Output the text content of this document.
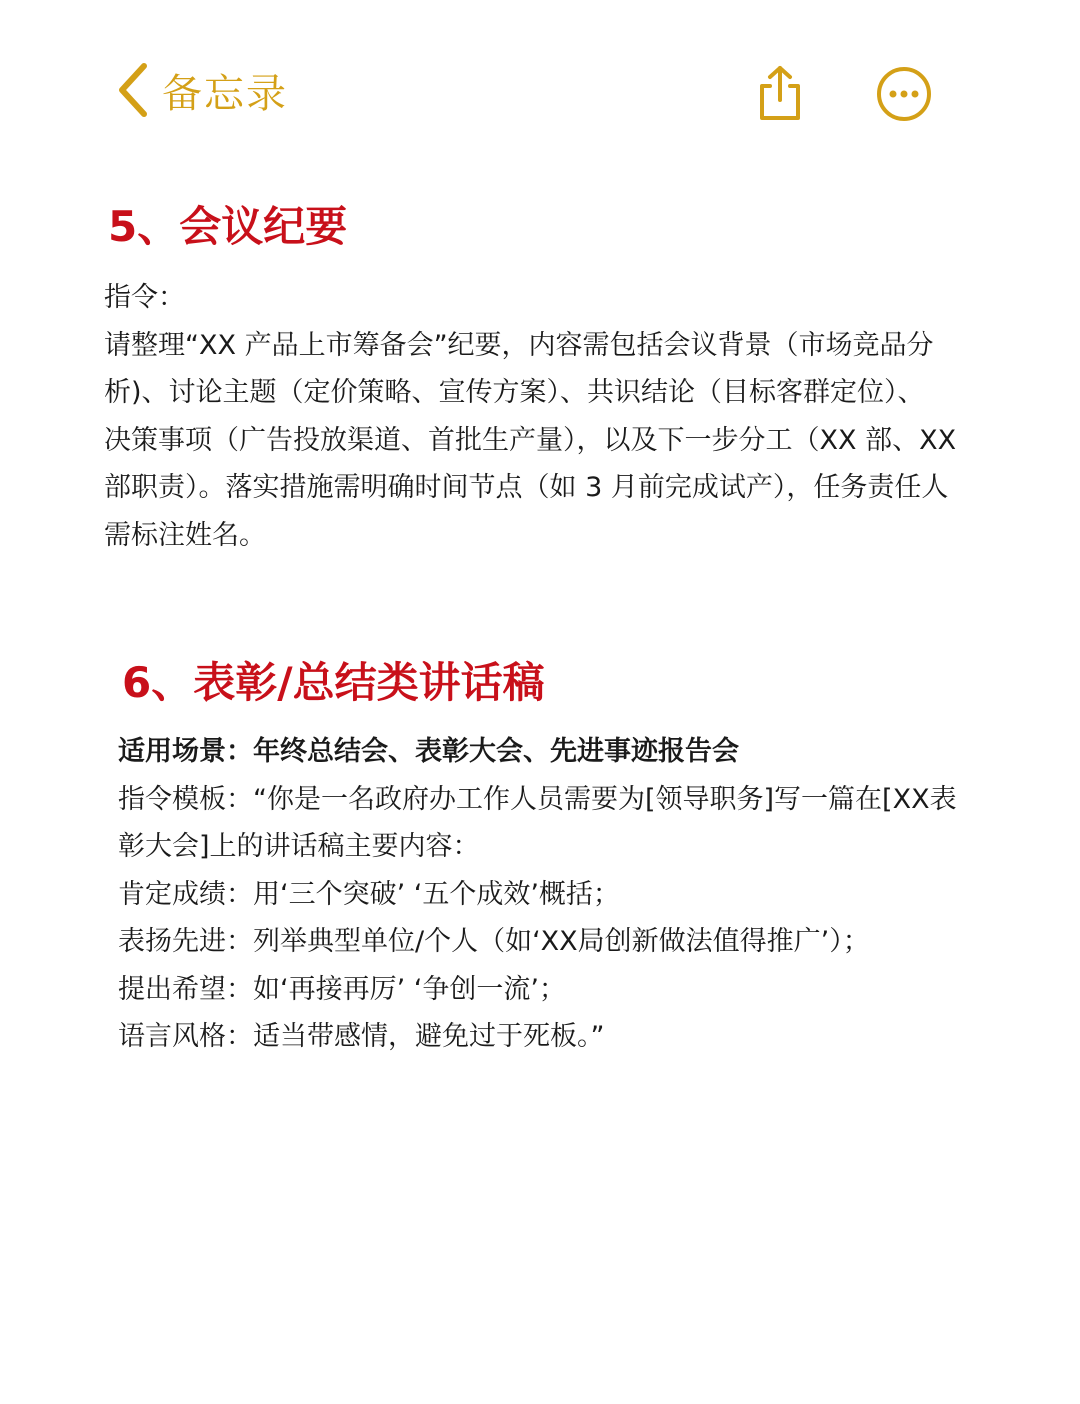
备忘录
5、会议纪要
指令：
请整理“XX 产品上市筹备会”纪要，内容需包括会议背景（市场竞品分
析)、讨论主题（定价策略、宣传方案）、共识结论（目标客群定位）、
决策事项（广告投放渠道、首批生产量），以及下一步分工（XX 部、XX
部职责）。落实措施需明确时间节点（如 3 月前完成试产），任务责任人
需标注姓名。
6、表彰/总结类讲话稿
适用场景：年终总结会、表彰大会、先进事迹报告会
指令模板：“你是一名政府办工作人员需要为[领导职务]写一篇在[XX表
彰大会]上的讲话稿主要内容：
肯定成绩：用‘三个突破’ ‘五个成效’概括；
表扬先进：列举典型单位/个人（如‘XX局创新做法值得推广’）；
提出希望：如‘再接再厉’ ‘争创一流’；
语言风格：适当带感情，避免过于死板。”
